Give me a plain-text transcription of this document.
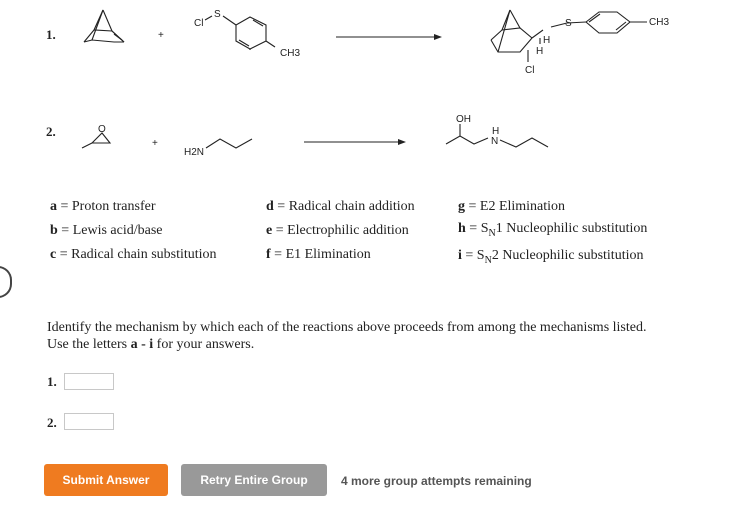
1.	+
Cl
S
CH3
S	CH3
H
H
Cl
2.	O
+
H2N
OH
H
N
a = Proton transfer
b = Lewis acid/base
c = Radical chain substitution
d = Radical chain addition
e = Electrophilic addition
f = E1 Elimination
g = E2 Elimination
$h = S_N1$ Nucleophilic substitution
$i = S_N2$ Nucleophilic substitution
Identify the mechanism by which each of the reactions above proceeds from among the mechanisms listed.
Use the letters a - i for your answers.
1.
2.
Submit Answer	Retry Entire Group	4 more group attempts remaining
